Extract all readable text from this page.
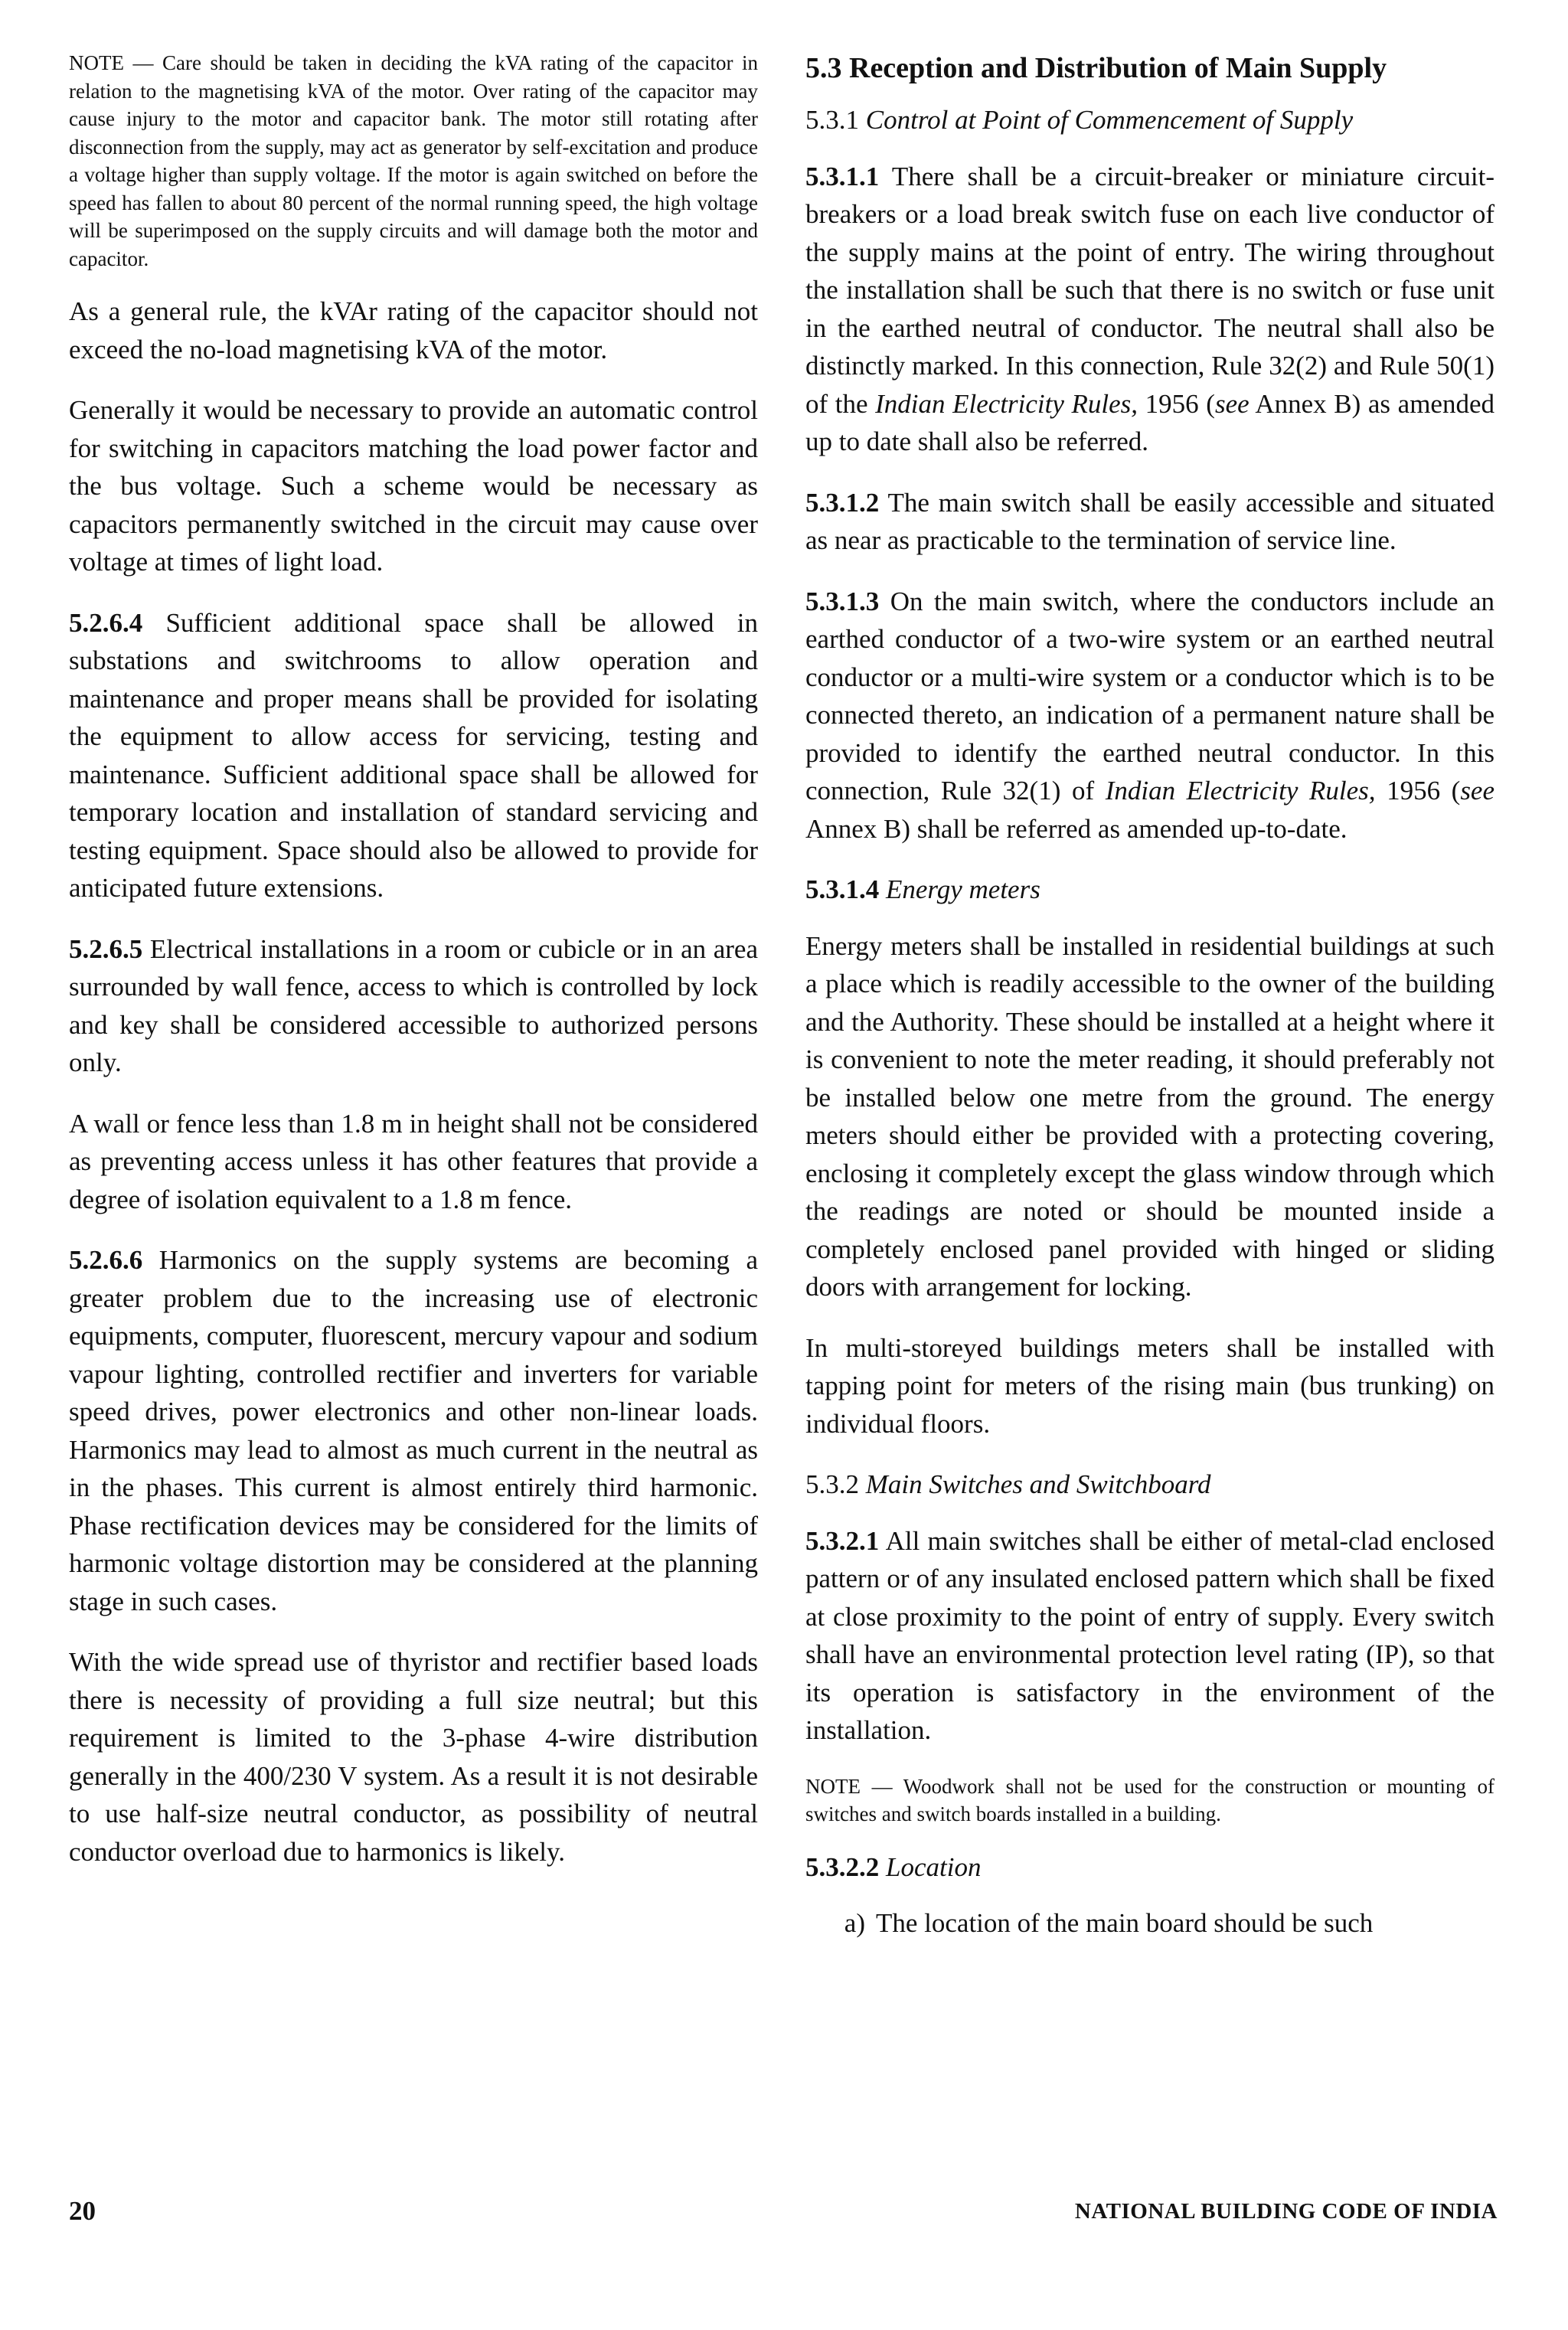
NOTE — Care should be taken in deciding the kVA rating of the capacitor in relation to the magnetising kVA of the motor. Over rating of the capacitor may cause injury to the motor and capacitor bank. The motor still rotating after disconnection from the supply, may act as generator by self-excitation and produce a voltage higher than supply voltage. If the motor is again switched on before the speed has fallen to about 80 percent of the normal running speed, the high voltage will be superimposed on the supply circuits and will damage both the motor and capacitor.

As a general rule, the kVAr rating of the capacitor should not exceed the no-load magnetising kVA of the motor.

Generally it would be necessary to provide an automatic control for switching in capacitors matching the load power factor and the bus voltage. Such a scheme would be necessary as capacitors permanently switched in the circuit may cause over voltage at times of light load.

5.2.6.4 Sufficient additional space shall be allowed in substations and switchrooms to allow operation and maintenance and proper means shall be provided for isolating the equipment to allow access for servicing, testing and maintenance. Sufficient additional space shall be allowed for temporary location and installation of standard servicing and testing equipment. Space should also be allowed to provide for anticipated future extensions.

5.2.6.5 Electrical installations in a room or cubicle or in an area surrounded by wall fence, access to which is controlled by lock and key shall be considered accessible to authorized persons only.

A wall or fence less than 1.8 m in height shall not be considered as preventing access unless it has other features that provide a degree of isolation equivalent to a 1.8 m fence.

5.2.6.6 Harmonics on the supply systems are becoming a greater problem due to the increasing use of electronic equipments, computer, fluorescent, mercury vapour and sodium vapour lighting, controlled rectifier and inverters for variable speed drives, power electronics and other non-linear loads. Harmonics may lead to almost as much current in the neutral as in the phases. This current is almost entirely third harmonic. Phase rectification devices may be considered for the limits of harmonic voltage distortion may be considered at the planning stage in such cases.

With the wide spread use of thyristor and rectifier based loads there is necessity of providing a full size neutral; but this requirement is limited to the 3-phase 4-wire distribution generally in the 400/230 V system. As a result it is not desirable to use half-size neutral conductor, as possibility of neutral conductor overload due to harmonics is likely.

5.3 Reception and Distribution of Main Supply

5.3.1 Control at Point of Commencement of Supply

5.3.1.1 There shall be a circuit-breaker or miniature circuit-breakers or a load break switch fuse on each live conductor of the supply mains at the point of entry. The wiring throughout the installation shall be such that there is no switch or fuse unit in the earthed neutral of conductor. The neutral shall also be distinctly marked. In this connection, Rule 32(2) and Rule 50(1) of the Indian Electricity Rules, 1956 (see Annex B) as amended up to date shall also be referred.

5.3.1.2 The main switch shall be easily accessible and situated as near as practicable to the termination of service line.

5.3.1.3 On the main switch, where the conductors include an earthed conductor of a two-wire system or an earthed neutral conductor or a multi-wire system or a conductor which is to be connected thereto, an indication of a permanent nature shall be provided to identify the earthed neutral conductor. In this connection, Rule 32(1) of Indian Electricity Rules, 1956 (see Annex B) shall be referred as amended up-to-date.

5.3.1.4 Energy meters

Energy meters shall be installed in residential buildings at such a place which is readily accessible to the owner of the building and the Authority. These should be installed at a height where it is convenient to note the meter reading, it should preferably not be installed below one metre from the ground. The energy meters should either be provided with a protecting covering, enclosing it completely except the glass window through which the readings are noted or should be mounted inside a completely enclosed panel provided with hinged or sliding doors with arrangement for locking.

In multi-storeyed buildings meters shall be installed with tapping point for meters of the rising main (bus trunking) on individual floors.

5.3.2 Main Switches and Switchboard

5.3.2.1 All main switches shall be either of metal-clad enclosed pattern or of any insulated enclosed pattern which shall be fixed at close proximity to the point of entry of supply. Every switch shall have an environmental protection level rating (IP), so that its operation is satisfactory in the environment of the installation.

NOTE — Woodwork shall not be used for the construction or mounting of switches and switch boards installed in a building.

5.3.2.2 Location

a) The location of the main board should be such

20	NATIONAL BUILDING CODE OF INDIA
